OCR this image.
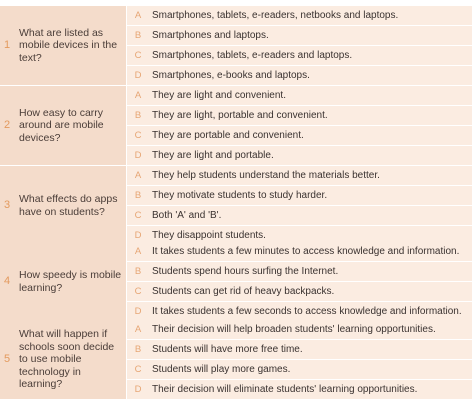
1
What are listed as mobile devices in the text?
A Smartphones, tablets, e-readers, netbooks and laptops.
B Smartphones and laptops.
C Smartphones, tablets, e-readers and laptops.
D Smartphones, e-books and laptops.
2
How easy to carry around are mobile devices?
A They are light and convenient.
B They are light, portable and convenient.
C They are portable and convenient.
D They are light and portable.
3 What effects do apps have on students?
A They help students understand the materials better.
B They motivate students to study harder.
C Both 'A' and 'B'.
D They disappoint students.
4 How speedy is mobile learning?
A It takes students a few minutes to access knowledge and information.
B Students spend hours surfing the Internet.
C Students can get rid of heavy backpacks.
D It takes students a few seconds to access knowledge and information.
5
What will happen if schools soon decide to use mobile technology in learning?
A Their decision will help broaden students' learning opportunities.
B Students will have more free time.
C Students will play more games.
D Their decision will eliminate students' learning opportunities.
